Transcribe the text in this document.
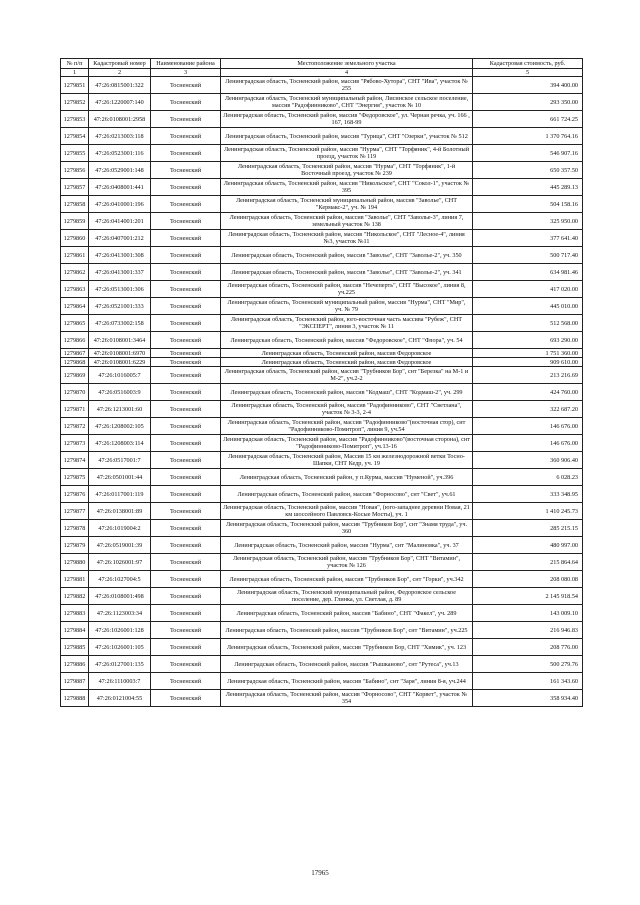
№ п/п	Кадастровый номер	Наименование района	Местоположение земельного участка	Кадастровая стоимость, руб.
1	2	3	4	5
1279851	47:26:0815001:322	Тосненский	Ленинградская область, Тосненский район, массив "Рябово-Хутора", СНТ "Ива", участок № 255	394 400.00
1279852	47:26:1220007:140	Тосненский	Ленинградская область, Тосненский муниципальный район, Лисинское сельское поселение, массив "Радофинниково", СНТ "Энергия", участок № 10	293 350.00
1279853	47:26:0108001:2958	Тосненский	Ленинградская область, Тосненский район, массив "Федоровское", ул. Черная речка, уч. 166 , 167, 168-99	661 724.25
1279854	47:26:0213003:118	Тосненский	Ленинградская область, Тосненский район, массив "Турица", СНТ "Озерки", участок № 512	1 370 764.16
1279855	47:26:0523001:116	Тосненский	Ленинградская область, Тосненский район, массив "Нурма", СНТ "Торфяник", 4-й Болотный проезд, участок № 119	546 907.16
1279856	47:26:0529001:148	Тосненский	Ленинградская область, Тосненский район, массив "Нурма", СНТ "Торфяник", 1-й Восточный проезд, участок № 239	650 357.50
1279857	47:26:0408001:441	Тосненский	Ленинградская область, Тосненский район, массив "Никольское", СНТ "Сокол-1", участок № 395	445 289.13
1279858	47:26:0410001:196	Тосненский	Ленинградская область, Тосненский муниципальный район, массив "Заволье", СНТ "Кермакс-2", уч. № 194	504 158.16
1279859	47:26:0414001:201	Тосненский	Ленинградская область, Тосненский район, массив "Заволье", СНТ "Заволье-3", линия 7, земельный участок № 138	325 950.00
1279860	47:26:0407001:212	Тосненский	Ленинградская область, Тосненский район, массив "Никольское", СНТ "Лесное-4", линия №3, участок №11	377 641.40
1279861	47:26:0413001:308	Тосненский	Ленинградская область, Тосненский район, массив "Заволье", СНТ "Заволье-2", уч. 350	500 717.40
1279862	47:26:0413001:337	Тосненский	Ленинградская область, Тосненский район, массив "Заволье", СНТ "Заволье-2", уч. 341	634 981.46
1279863	47:26:0513001:306	Тосненский	Ленинградская область, Тосненский район, массив "Нечеперть", СНТ "Высокое", линия 8, уч.225	417 020.00
1279864	47:26:0521001:333	Тосненский	Ленинградская область, Тосненский муниципальный район, массив "Нурма", СНТ "Мир", уч. № 79	445 010.00
1279865	47:26:0733002:158	Тосненский	Ленинградская область, Тосненский район, юго-восточная часть массива "Рубеж", СНТ "ЭКСПЕРТ", линия 3, участок № 11	512 568.00
1279866	47:26:0108001:3464	Тосненский	Ленинградская область, Тосненский район, массив "Федоровское", СНТ "Флора", уч. 54	693 290.00
1279867	47:26:0108001:6970	Тосненский	Ленинградская область, Тосненский район, массив Федоровское	1 751 360.00
1279868	47:26:0108001:6229	Тосненский	Ленинградская область, Тосненский район, массив Федоровское	909 610.00
1279869	47:26:1016005:7	Тосненский	Ленинградская область, Тосненский район, массив "Трубников Бор", снт "Березка" на М-1 и М-2", уч.2-2	213 216.69
1279870	47:26:0516003:9	Тосненский	Ленинградская область, Тосненский район, массив "Кодмаш", СНТ "Кодмаш-2", уч. 299	424 760.00
1279871	47:26:1213001:60	Тосненский	Ленинградская область, Тосненский район, массив "Радофинниково", СНТ "Светлана", участок № 3-3, 2-4	322 687.20
1279872	47:26:1208002:105	Тосненский	Ленинградская область, Тосненский район, массив "Радофинниково"(восточная стор), снт "Радофинниково-Помитроп", линия 9, уч.54	146 676.00
1279873	47:26:1208003:114	Тосненский	Ленинградская область, Тосненский район, массив "Радофинниково"(восточная сторона), снт "Радофинниково-Помитроп", уч.13-16	146 676.00
1279874	47:26:0517001:7	Тосненский	Ленинградская область, Тосненский район, Массив 15 км железнодорожной ветки Тосно-Шапки, СНТ Кедр, уч. 19	360 906.40
1279875	47:26:0501001:44	Тосненский	Ленинградская область, Тосненский район, у п.Курма, массив "Нуменой", уч.396	6 028.23
1279876	47:26:0117001:119	Тосненский	Ленинградская область, Тосненский район, массив "Форносово", снт "Свет", уч.61	333 348.95
1279877	47:26:0138001:89	Тосненский	Ленинградская область, Тосненский район, массив "Новая", (юго-западнее деревни Новая, 21 км шоссейного Павловск-Косые Мосты), уч. 1	1 410 245.73
1279878	47:26:1019004:2	Тосненский	Ленинградская область, Тосненский район, массив "Трубников Бор", снт "Знамя труда", уч. 360	285 215.15
1279879	47:26:0519001:39	Тосненский	Ленинградская область, Тосненский район, массив "Нурма", снт "Малиновка", уч. 37	480 997.00
1279880	47:26:1026001:97	Тосненский	Ленинградская область, Тосненский район, массив "Трубников Бор", СНТ "Витамин", участок № 126	215 864.64
1279881	47:26:1027004:5	Тосненский	Ленинградская область, Тосненский район, массив "Трубников Бор", снт "Горки", уч.342	208 080.08
1279882	47:26:0108001:498	Тосненский	Ленинградская область, Тосненский муниципальный район, Федоровское сельское поселение, дер. Глинка, ул. Светлая, д. 89	2 145 918.54
1279883	47:26:1123003:34	Тосненский	Ленинградская область, Тосненский район, массив "Бабино", СНТ "Факел", уч. 289	143 009.10
1279884	47:26:1026001:128	Тосненский	Ленинградская область, Тосненский район, массив "Трубников Бор", снт "Витамин", уч.225	216 946.83
1279885	47:26:1026001:105	Тосненский	Ленинградская область, Тосненский район, массив "Трубников Бор, СНТ "Химик", уч. 123	208 776.00
1279886	47:26:0127001:135	Тосненский	Ленинградская область, Тосненский район, массив "Рышканово", снт "Рутеса", уч.13	500 279.76
1279887	47:26:1110003:7	Тосненский	Ленинградская область, Тосненский район, массив "Бабино", снт "Заря", линия 8-я, уч.244	161 343.60
1279888	47:26:0121004:55	Тосненский	Ленинградская область, Тосненский район, массив "Форносово", СНТ "Корвет", участок № 354	358 934.40
17965
